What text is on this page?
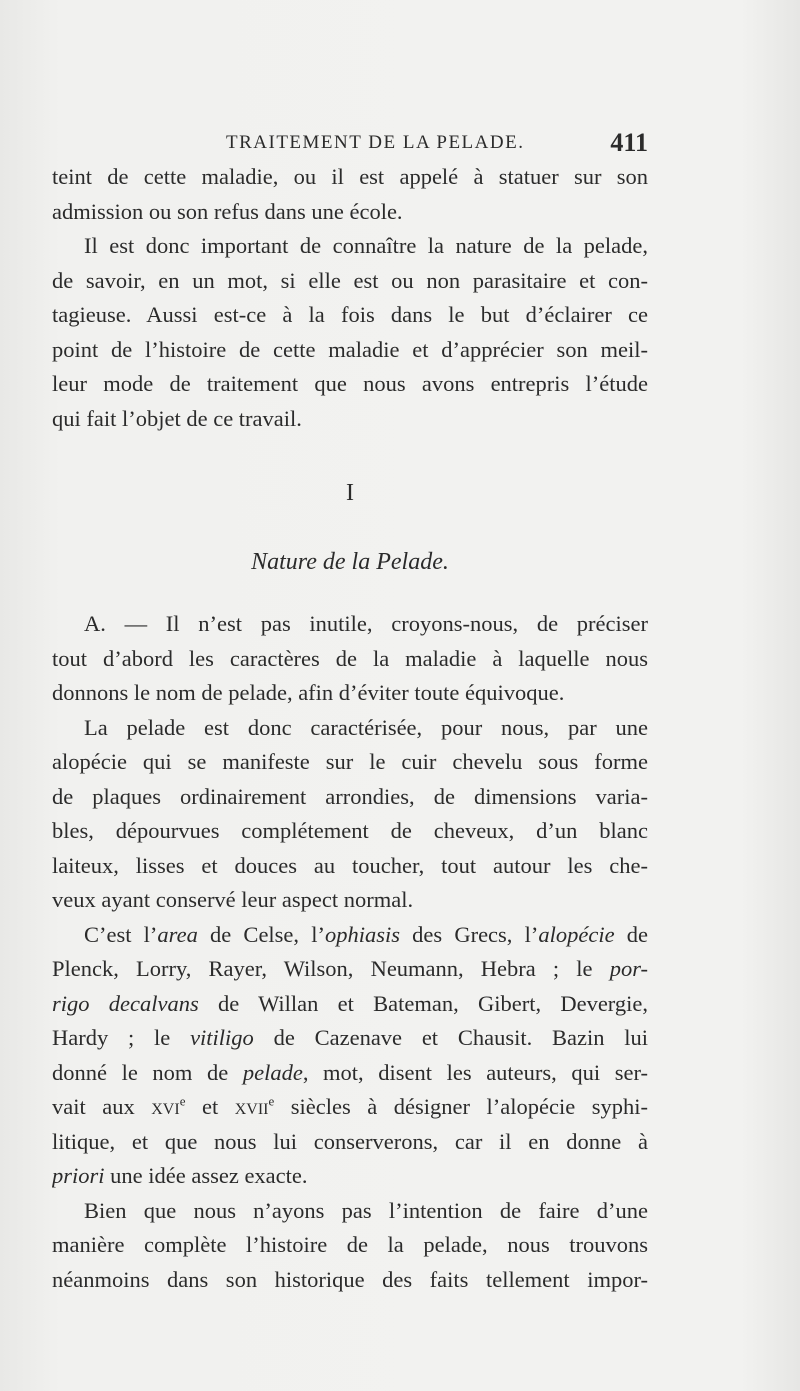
TRAITEMENT DE LA PELADE.	411
teint de cette maladie, ou il est appelé à statuer sur son
admission ou son refus dans une école.
Il est donc important de connaître la nature de la pelade,
de savoir, en un mot, si elle est ou non parasitaire et con-
tagieuse. Aussi est-ce à la fois dans le but d’éclairer ce
point de l’histoire de cette maladie et d’apprécier son meil-
leur mode de traitement que nous avons entrepris l’étude
qui fait l’objet de ce travail.
I
Nature de la Pelade.
A. — Il n’est pas inutile, croyons-nous, de préciser
tout d’abord les caractères de la maladie à laquelle nous
donnons le nom de pelade, afin d’éviter toute équivoque.
La pelade est donc caractérisée, pour nous, par une
alopécie qui se manifeste sur le cuir chevelu sous forme
de plaques ordinairement arrondies, de dimensions varia-
bles, dépourvues complétement de cheveux, d’un blanc
laiteux, lisses et douces au toucher, tout autour les che-
veux ayant conservé leur aspect normal.
C’est l’area de Celse, l’ophiasis des Grecs, l’alopécie de
Plenck, Lorry, Rayer, Wilson, Neumann, Hebra ; le por-
rigo decalvans de Willan et Bateman, Gibert, Devergie,
Hardy ; le vitiligo de Cazenave et Chausit. Bazin lui
donné le nom de pelade, mot, disent les auteurs, qui ser-
vait aux xvi$^e$ et xvii$^e$ siècles à désigner l’alopécie syphi-
litique, et que nous lui conserverons, car il en donne à
priori une idée assez exacte.
Bien que nous n’ayons pas l’intention de faire d’une
manière complète l’histoire de la pelade, nous trouvons
néanmoins dans son historique des faits tellement impor-
